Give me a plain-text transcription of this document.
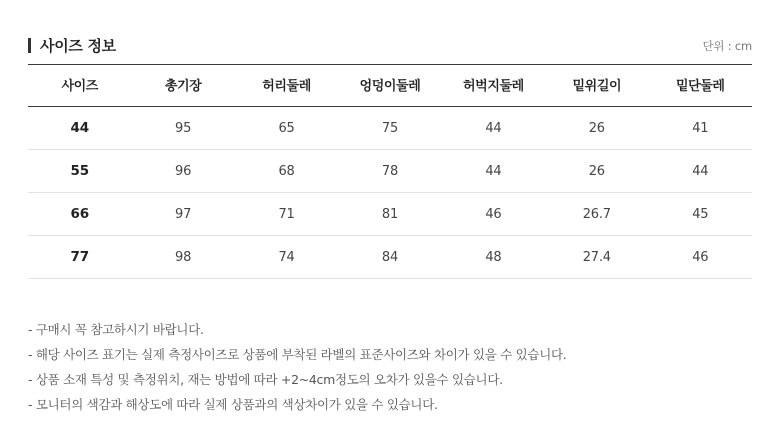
사이즈 정보	단위 : cm
사이즈	총기장	허리둘레	엉덩이둘레	허벅지둘레	밑위길이	밑단둘레
44	95	65	75	44	26	41
55	96	68	78	44	26	44
66	97	71	81	46	26.7	45
77	98	74	84	48	27.4	46
- 구매시 꼭 참고하시기 바랍니다.
- 해당 사이즈 표기는 실제 측정사이즈로 상품에 부착된 라벨의 표준사이즈와 차이가 있을 수 있습니다.
- 상품 소재 특성 및 측정위치, 재는 방법에 따라 +2~4cm정도의 오차가 있을수 있습니다.
- 모니터의 색감과 해상도에 따라 실제 상품과의 색상차이가 있을 수 있습니다.
